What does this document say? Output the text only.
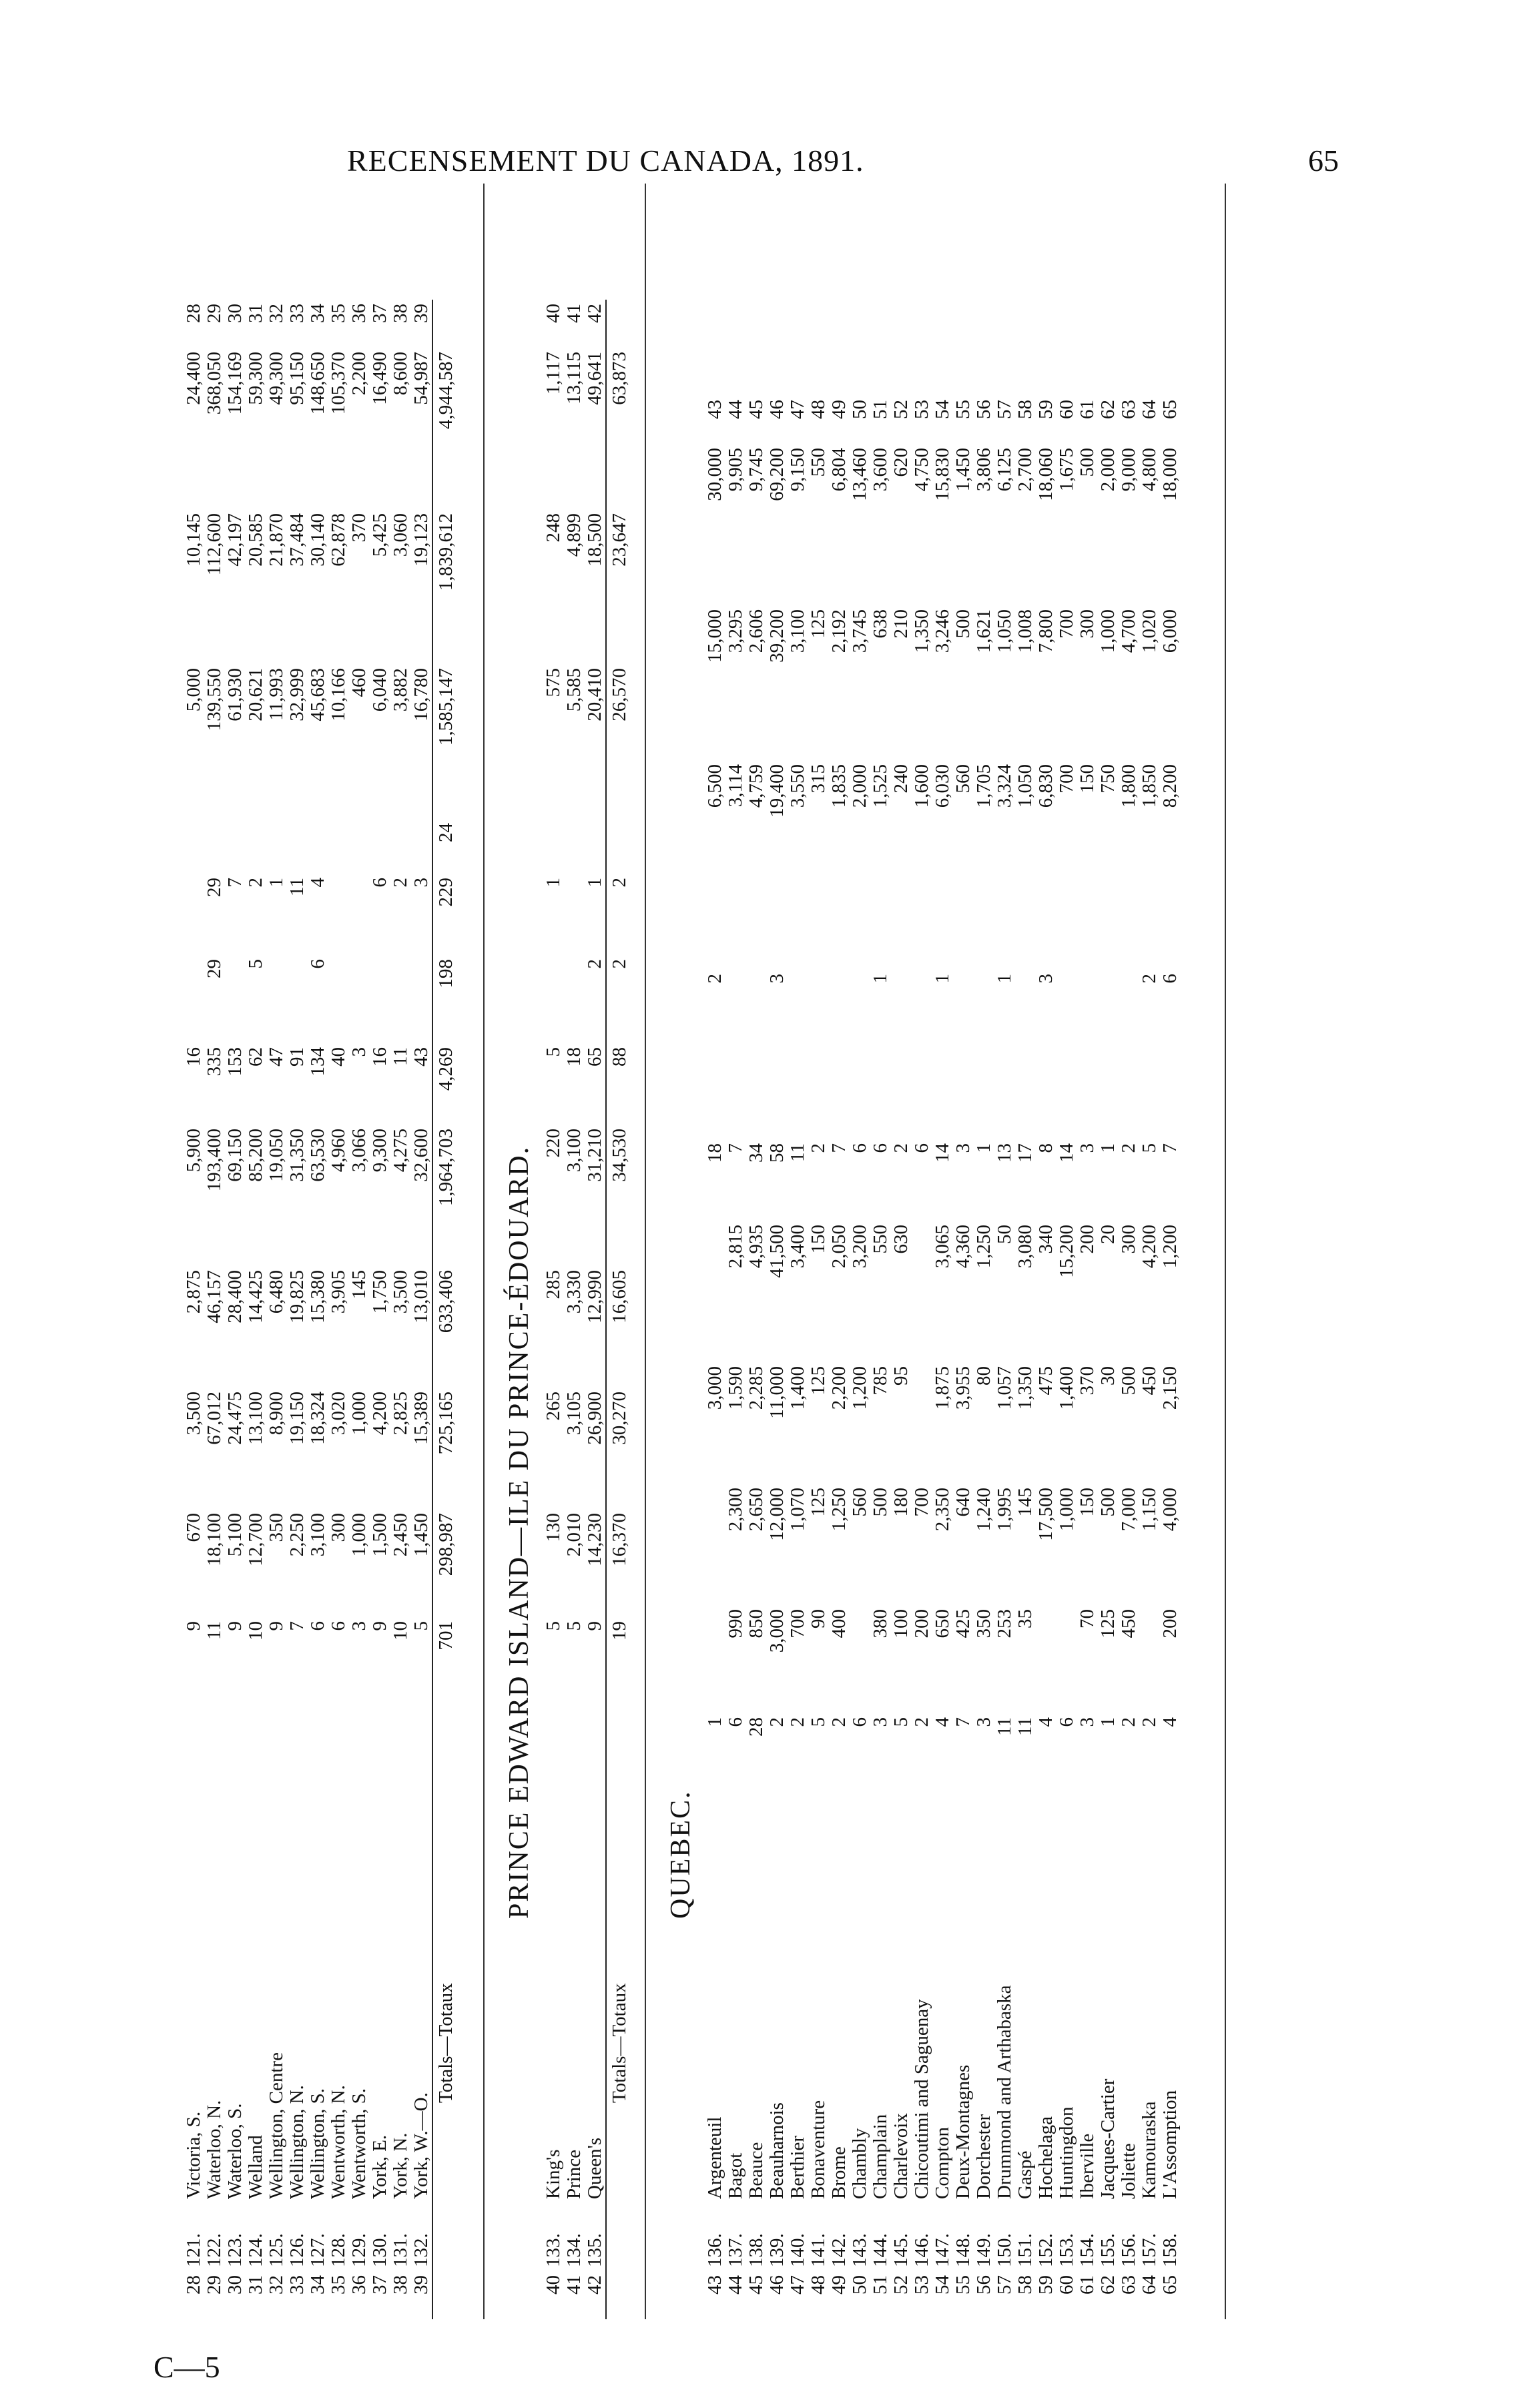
RECENSEMENT DU CANADA, 1891.	65
C—5
28	121.	Victoria, S.	9	670	3,500	2,875	5,900	16				5,000	10,145	24,400	28
29	122.	Waterloo, N.	11	18,100	67,012	46,157	193,400	335	29	29		139,550	112,600	368,050	29
30	123.	Waterloo, S.	9	5,100	24,475	28,400	69,150	153		7		61,930	42,197	154,169	30
31	124.	Welland	10	12,700	13,100	14,425	85,200	62	5	2		20,621	20,585	59,300	31
32	125.	Wellington, Centre	9	350	8,900	6,480	19,050	47		1		11,993	21,870	49,300	32
33	126.	Wellington, N.	7	2,250	19,150	19,825	31,350	91		11		32,999	37,484	95,150	33
34	127.	Wellington, S.	6	3,100	18,324	15,380	63,530	134	6	4		45,683	30,140	148,650	34
35	128.	Wentworth, N.	6	300	3,020	3,905	4,960	40				10,166	62,878	105,370	35
36	129.	Wentworth, S.	3	1,000	1,000	145	3,066	3				460	370	2,200	36
37	130.	York, E.	9	1,500	4,200	1,750	9,300	16		6		6,040	5,425	16,490	37
38	131.	York, N.	10	2,450	2,825	3,500	4,275	11		2		3,882	3,060	8,600	38
39	132.	York, W.—O.	5	1,450	15,389	13,010	32,600	43		3		16,780	19,123	54,987	39
		Totals—Totaux	701	298,987	725,165	633,406	1,964,703	4,269	198	229	24	1,585,147	1,839,612	4,944,587	
PRINCE EDWARD ISLAND—ILE DU PRINCE-ÉDOUARD.
40	133.	King's	5	130	265	285	220	5		1		575	248	1,117	40
41	134.	Prince	5	2,010	3,105	3,330	3,100	18				5,585	4,899	13,115	41
42	135.	Queen's	9	14,230	26,900	12,990	31,210	65	2	1		20,410	18,500	49,641	42
		Totals—Totaux	19	16,370	30,270	16,605	34,530	88	2	2		26,570	23,647	63,873	
QUEBEC.
43	136.	Argenteuil	1			3,000		18		2		6,500	15,000	30,000	43
44	137.	Bagot	6	990	2,300	1,590	2,815	7				3,114	3,295	9,905	44
45	138.	Beauce	28	850	2,650	2,285	4,935	34				4,759	2,606	9,745	45
46	139.	Beauharnois	2	3,000	12,000	11,000	41,500	58		3		19,400	39,200	69,200	46
47	140.	Berthier	2	700	1,070	1,400	3,400	11				3,550	3,100	9,150	47
48	141.	Bonaventure	5	90	125	125	150	2				315	125	550	48
49	142.	Brome	2	400	1,250	2,200	2,050	7				1,835	2,192	6,804	49
50	143.	Chambly	6		560	1,200	3,200	6				2,000	3,745	13,460	50
51	144.	Champlain	3	380	500	785	550	6		1		1,525	638	3,600	51
52	145.	Charlevoix	5	100	180	95	630	2				240	210	620	52
53	146.	Chicoutimi and Saguenay	2	200	700			6				1,600	1,350	4,750	53
54	147.	Compton	4	650	2,350	1,875	3,065	14		1		6,030	3,246	15,830	54
55	148.	Deux-Montagnes	7	425	640	3,955	4,360	3				560	500	1,450	55
56	149.	Dorchester	3	350	1,240	80	1,250	1				1,705	1,621	3,806	56
57	150.	Drummond and Arthabaska	11	253	1,995	1,057	50	13		1		3,324	1,050	6,125	57
58	151.	Gaspé	11	35	145	1,350	3,080	17				1,050	1,008	2,700	58
59	152.	Hochelaga	4		17,500	475	340	8		3		6,830	7,800	18,060	59
60	153.	Huntingdon	6		1,000	1,400	15,200	14				700	700	1,675	60
61	154.	Iberville	3	70	150	370	200	3				150	300	500	61
62	155.	Jacques-Cartier	1	125	500	30	20	1				750	1,000	2,000	62
63	156.	Joliette	2	450	7,000	500	300	2				1,800	4,700	9,000	63
64	157.	Kamouraska	2		1,150	450	4,200	5		2		1,850	1,020	4,800	64
65	158.	L'Assomption	4	200	4,000	2,150	1,200	7		6		8,200	6,000	18,000	65
